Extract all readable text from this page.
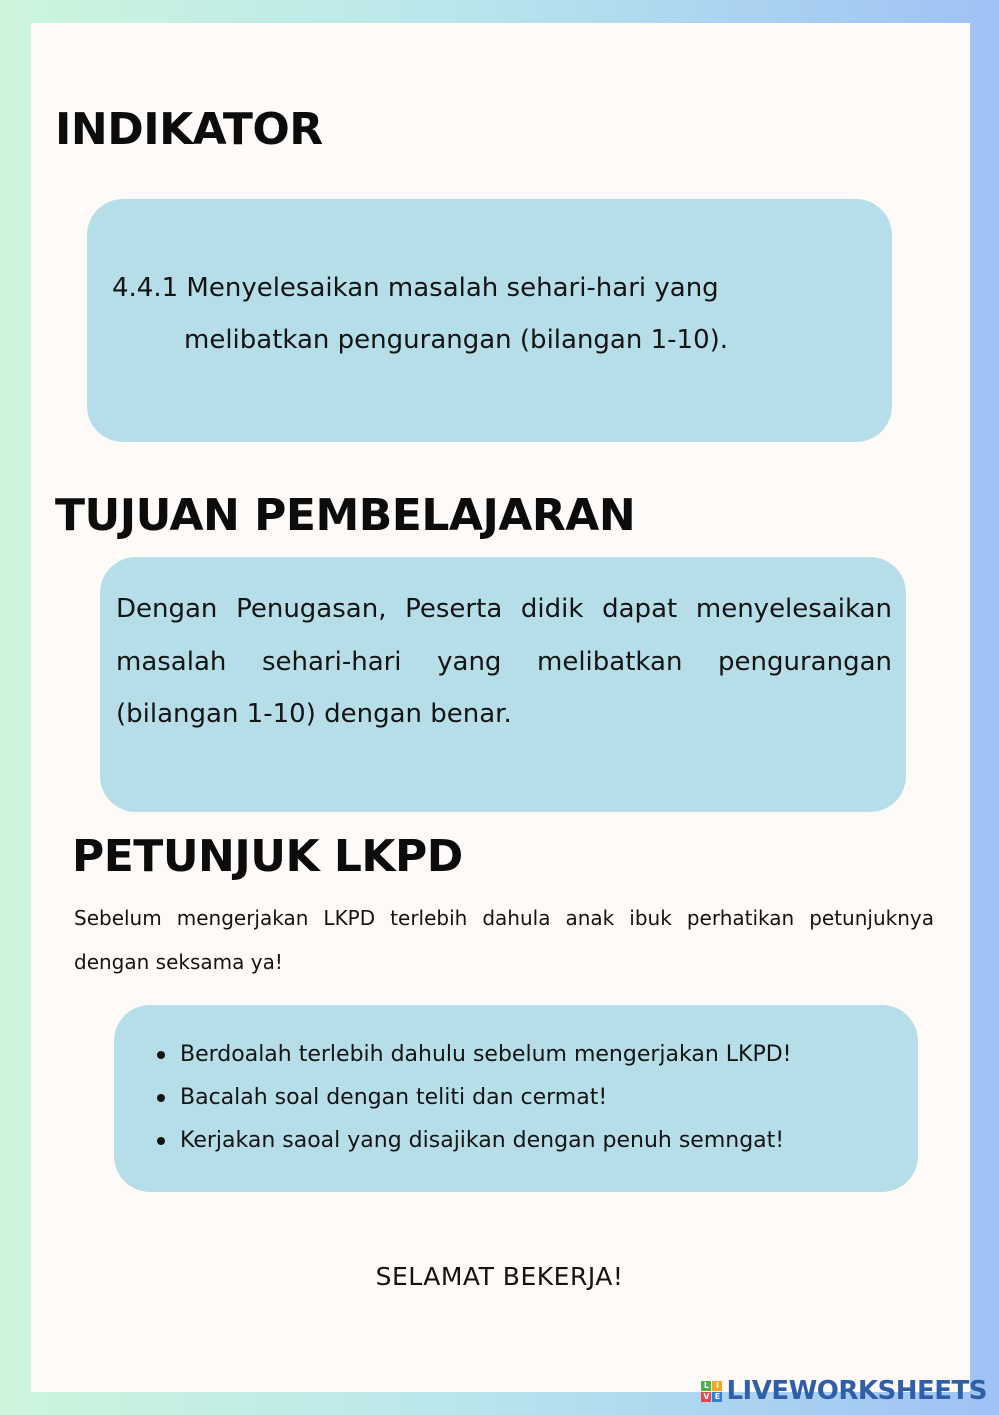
INDIKATOR
4.4.1 Menyelesaikan masalah sehari-hari yang melibatkan pengurangan (bilangan 1-10).
TUJUAN PEMBELAJARAN
Dengan Penugasan, Peserta didik dapat menyelesaikan masalah sehari-hari yang melibatkan pengurangan (bilangan 1-10) dengan benar.
PETUNJUK LKPD
Sebelum mengerjakan LKPD terlebih dahula anak ibuk perhatikan petunjuknya dengan seksama ya!
Berdoalah terlebih dahulu sebelum mengerjakan LKPD!
Bacalah soal dengan teliti dan cermat!
Kerjakan saoal yang disajikan dengan penuh semngat!
SELAMAT BEKERJA!
L I
V E LIVEWORKSHEETS
